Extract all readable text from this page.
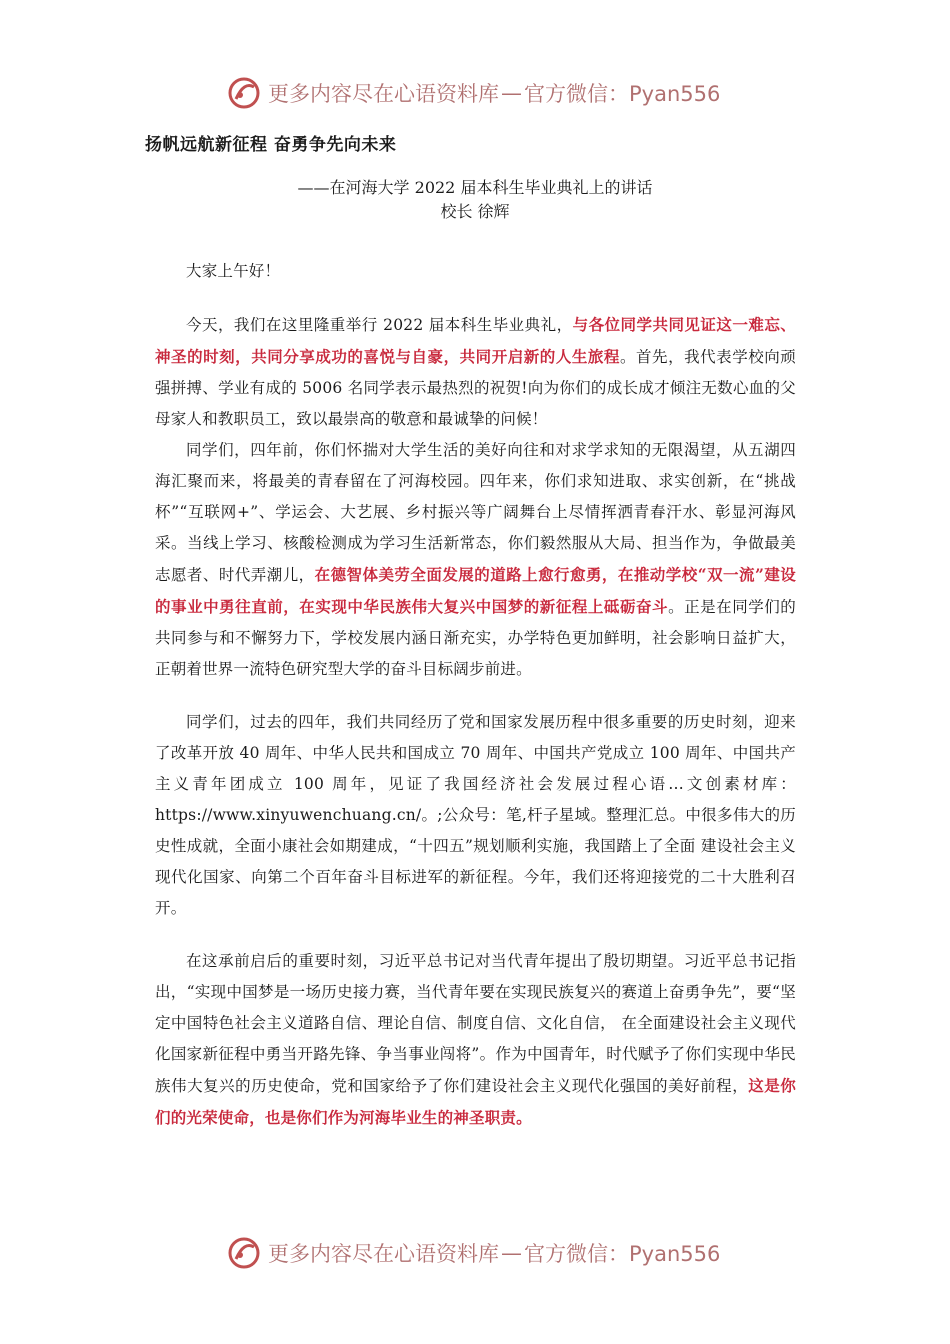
更多内容尽在心语资料库 — 官方微信：Pyan556
扬帆远航新征程 奋勇争先向未来
——在河海大学 2022 届本科生毕业典礼上的讲话
校长 徐辉

大家上午好！

今天，我们在这里隆重举行 2022 届本科生毕业典礼，与各位同学共同见证这一难忘、神圣的时刻，共同分享成功的喜悦与自豪，共同开启新的人生旅程。首先，我代表学校向顽强拼搏、学业有成的 5006 名同学表示最热烈的祝贺!向为你们的成长成才倾注无数心血的父母家人和教职员工，致以最崇高的敬意和最诚挚的问候！

同学们，四年前，你们怀揣对大学生活的美好向往和对求学求知的无限渴望，从五湖四海汇聚而来，将最美的青春留在了河海校园。四年来，你们求知进取、求实创新，在“挑战杯”“互联网+”、学运会、大艺展、乡村振兴等广阔舞台上尽情挥洒青春汗水、彰显河海风采。当线上学习、核酸检测成为学习生活新常态，你们毅然服从大局、担当作为，争做最美志愿者、时代弄潮儿，在德智体美劳全面发展的道路上愈行愈勇，在推动学校“双一流”建设的事业中勇往直前，在实现中华民族伟大复兴中国梦的新征程上砥砺奋斗。正是在同学们的共同参与和不懈努力下，学校发展内涵日渐充实，办学特色更加鲜明，社会影响日益扩大，正朝着世界一流特色研究型大学的奋斗目标阔步前进。

同学们，过去的四年，我们共同经历了党和国家发展历程中很多重要的历史时刻，迎来了改革开放 40 周年、中华人民共和国成立 70 周年、中国共产党成立 100 周年、中国共产主义青年团成立 100 周年，见证了我国经济社会发展过程心语…文创素材库：https://www.xinyuwenchuang.cn/。;公众号：笔,杆子星域。整理汇总。中很多伟大的历史性成就，全面小康社会如期建成，“十四五”规划顺利实施，我国踏上了全面 建设社会主义现代化国家、向第二个百年奋斗目标进军的新征程。今年，我们还将迎接党的二十大胜利召开。

在这承前启后的重要时刻，习近平总书记对当代青年提出了殷切期望。习近平总书记指出，“实现中国梦是一场历史接力赛，当代青年要在实现民族复兴的赛道上奋勇争先”，要“坚定中国特色社会主义道路自信、理论自信、制度自信、文化自信， 在全面建设社会主义现代化国家新征程中勇当开路先锋、争当事业闯将”。作为中国青年，时代赋予了你们实现中华民族伟大复兴的历史使命，党和国家给予了你们建设社会主义现代化强国的美好前程，这是你们的光荣使命，也是你们作为河海毕业生的神圣职责。

更多内容尽在心语资料库 — 官方微信：Pyan556
